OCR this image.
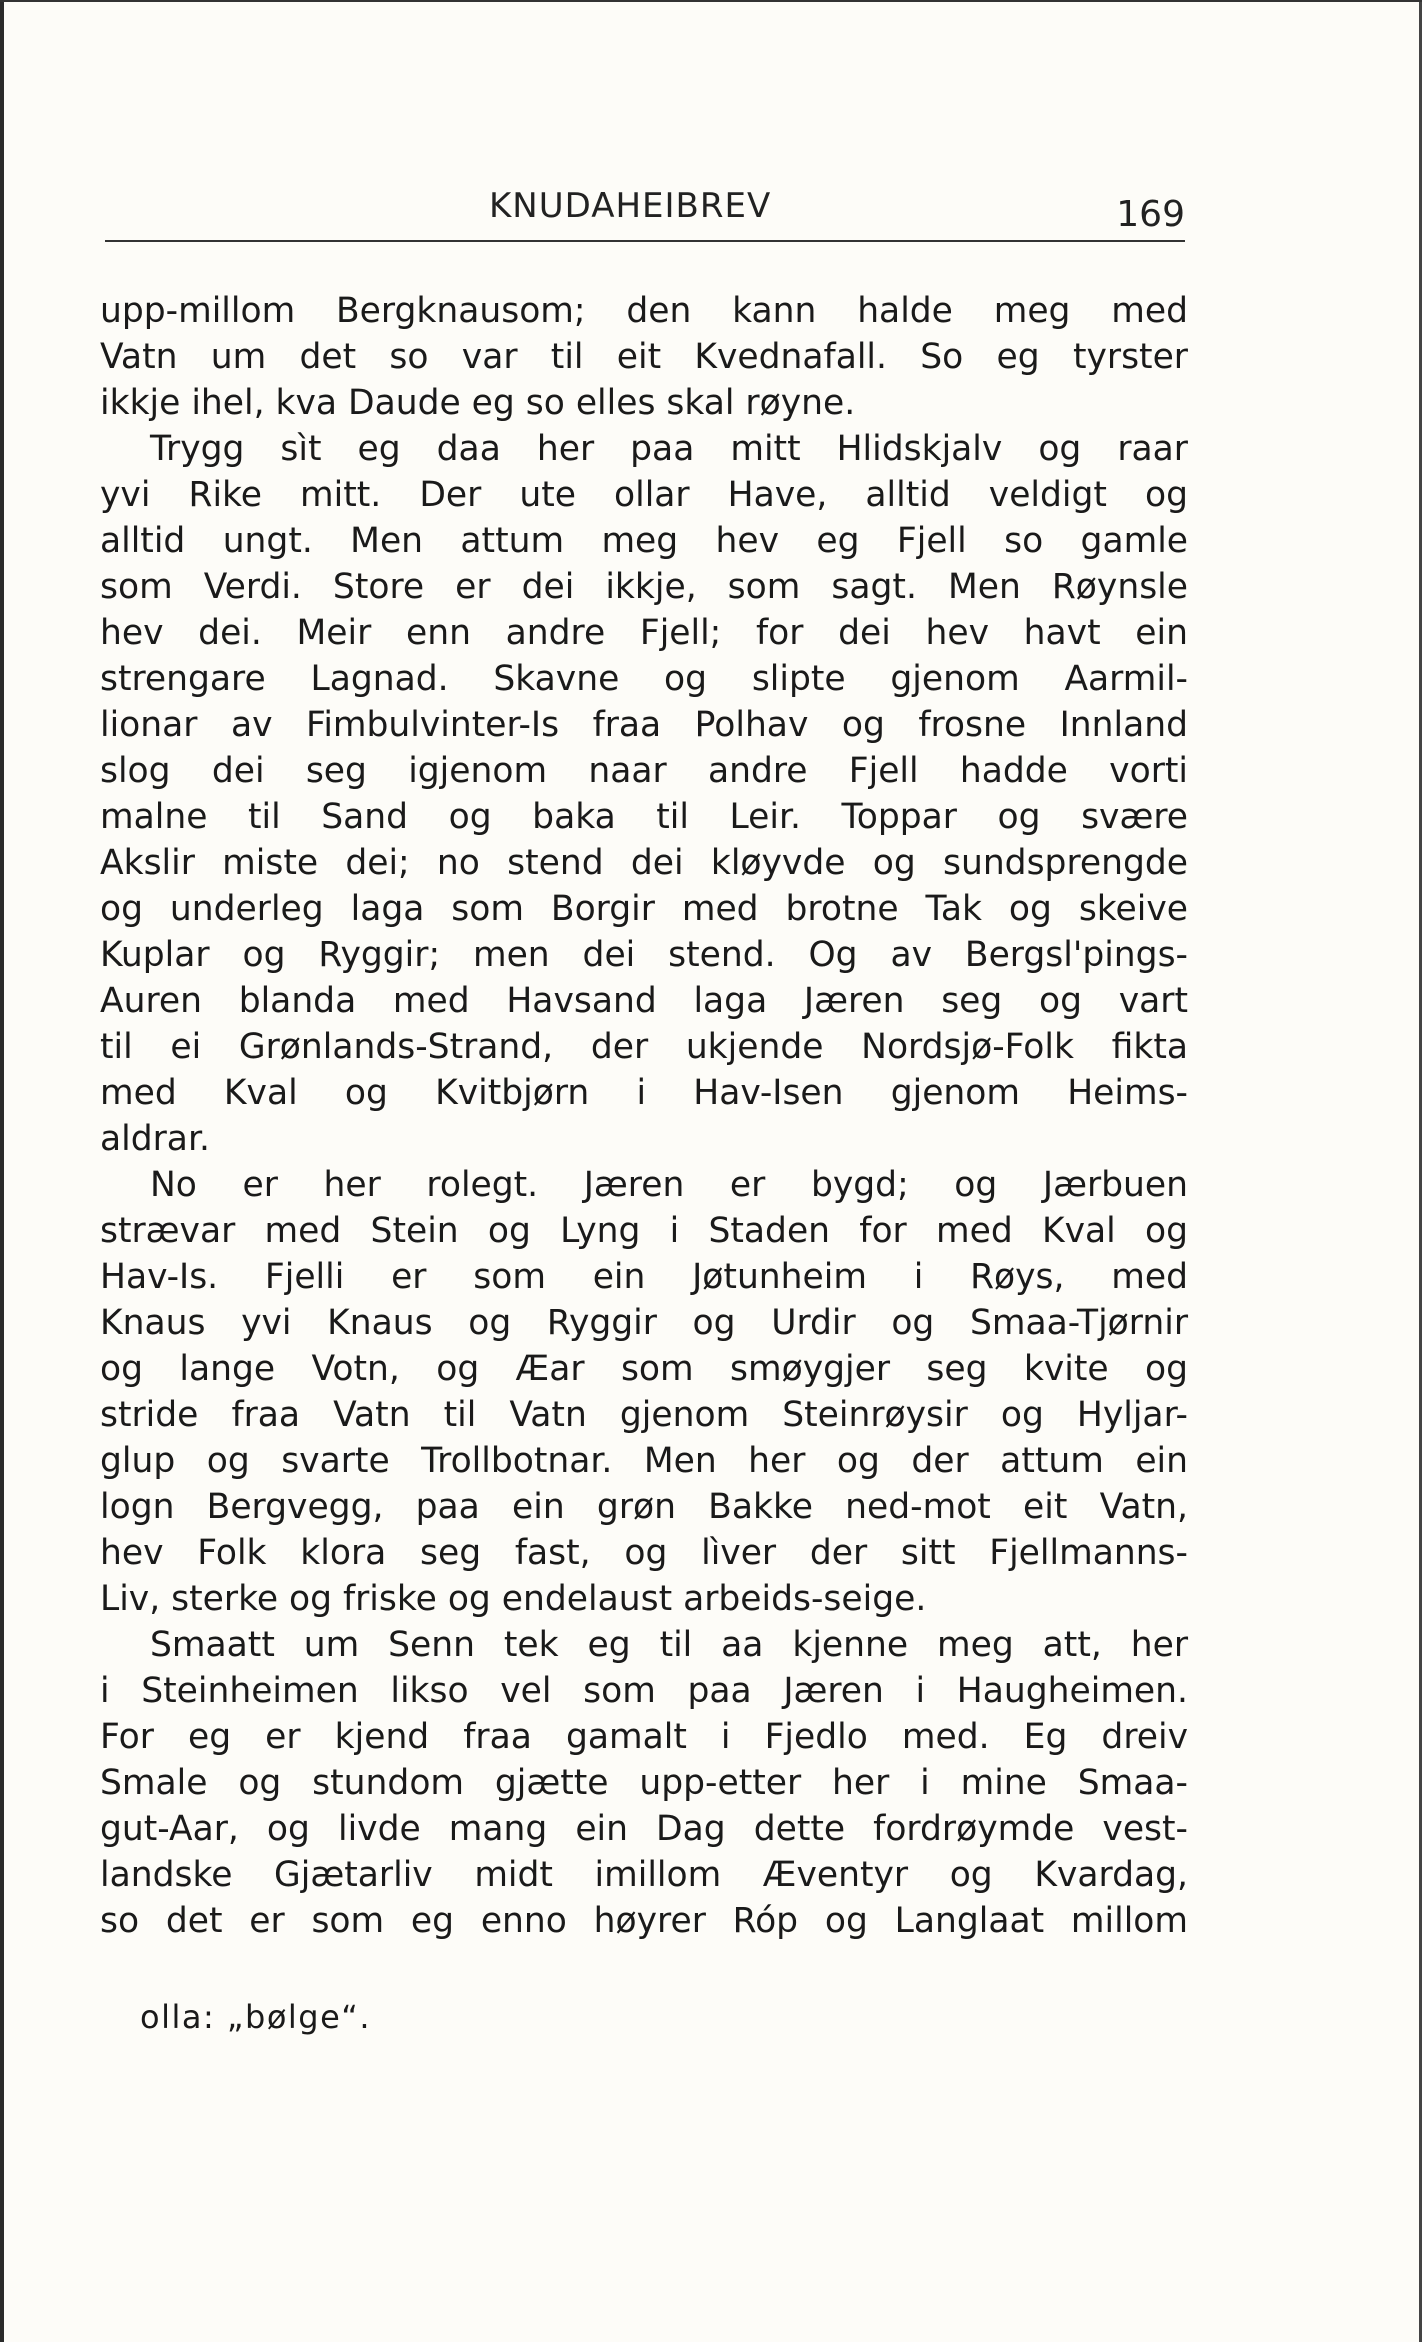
KNUDAHEIBREV	169
upp-millom Bergknausom; den kann halde meg med
Vatn um det so var til eit Kvednafall. So eg tyrster
ikkje ihel, kva Daude eg so elles skal røyne.
Trygg sìt eg daa her paa mitt Hlidskjalv og raar
yvi Rike mitt. Der ute ollar Have, alltid veldigt og
alltid ungt. Men attum meg hev eg Fjell so gamle
som Verdi. Store er dei ikkje, som sagt. Men Røynsle
hev dei. Meir enn andre Fjell; for dei hev havt ein
strengare Lagnad. Skavne og slipte gjenom Aarmil-
lionar av Fimbulvinter-Is fraa Polhav og frosne Innland
slog dei seg igjenom naar andre Fjell hadde vorti
malne til Sand og baka til Leir. Toppar og svære
Akslir miste dei; no stend dei kløyvde og sundsprengde
og underleg laga som Borgir med brotne Tak og skeive
Kuplar og Ryggir; men dei stend. Og av Bergsl'pings-
Auren blanda med Havsand laga Jæren seg og vart
til ei Grønlands-Strand, der ukjende Nordsjø-Folk fikta
med Kval og Kvitbjørn i Hav-Isen gjenom Heims-
aldrar.
No er her rolegt. Jæren er bygd; og Jærbuen
strævar med Stein og Lyng i Staden for med Kval og
Hav-Is. Fjelli er som ein Jøtunheim i Røys, med
Knaus yvi Knaus og Ryggir og Urdir og Smaa-Tjørnir
og lange Votn, og Æar som smøygjer seg kvite og
stride fraa Vatn til Vatn gjenom Steinrøysir og Hyljar-
glup og svarte Trollbotnar. Men her og der attum ein
logn Bergvegg, paa ein grøn Bakke ned-mot eit Vatn,
hev Folk klora seg fast, og lìver der sitt Fjellmanns-
Liv, sterke og friske og endelaust arbeids-seige.
Smaatt um Senn tek eg til aa kjenne meg att, her
i Steinheimen likso vel som paa Jæren i Haugheimen.
For eg er kjend fraa gamalt i Fjedlo med. Eg dreiv
Smale og stundom gjætte upp-etter her i mine Smaa-
gut-Aar, og livde mang ein Dag dette fordrøymde vest-
landske Gjætarliv midt imillom Æventyr og Kvardag,
so det er som eg enno høyrer Róp og Langlaat millom
olla: „bølge“.
